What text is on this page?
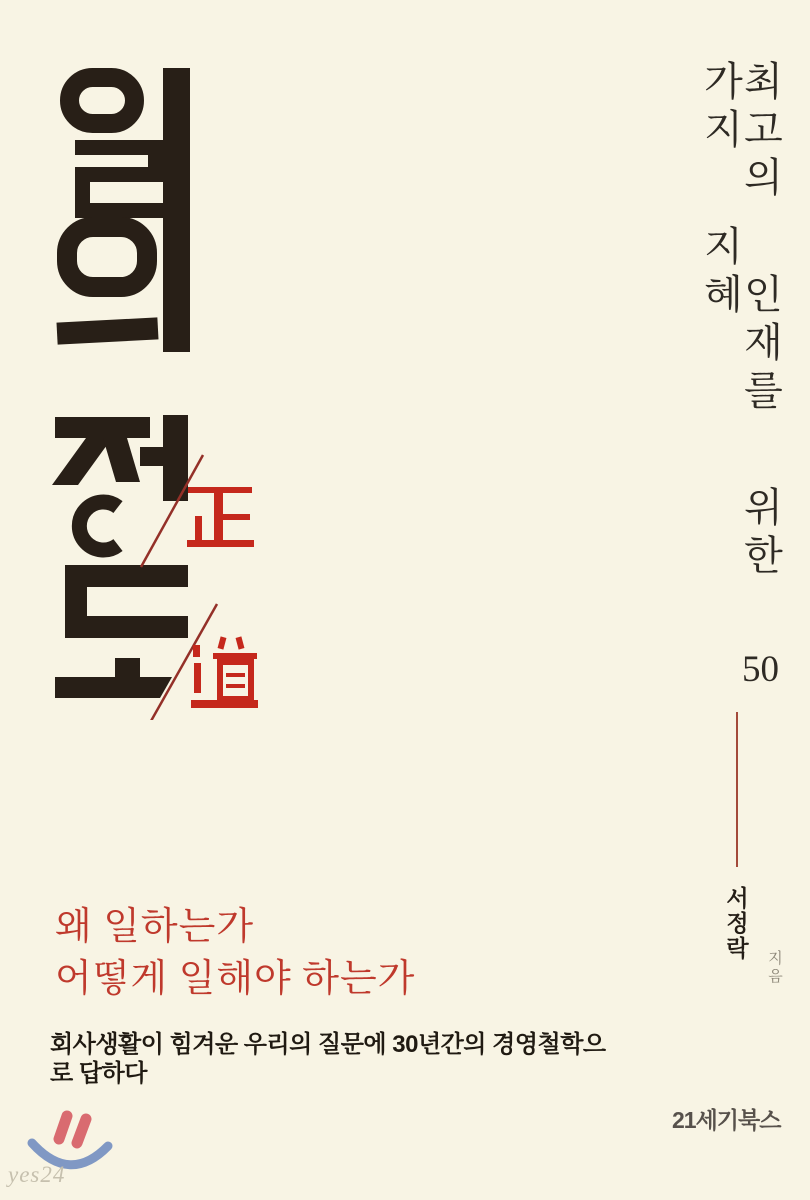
최고의 인재를 위한 50가지 지혜
서정락
지음
왜 일하는가
어떻게 일해야 하는가
회사생활이 힘겨운 우리의 질문에 30년간의 경영철학으로 답하다
21세기북스
yes24
